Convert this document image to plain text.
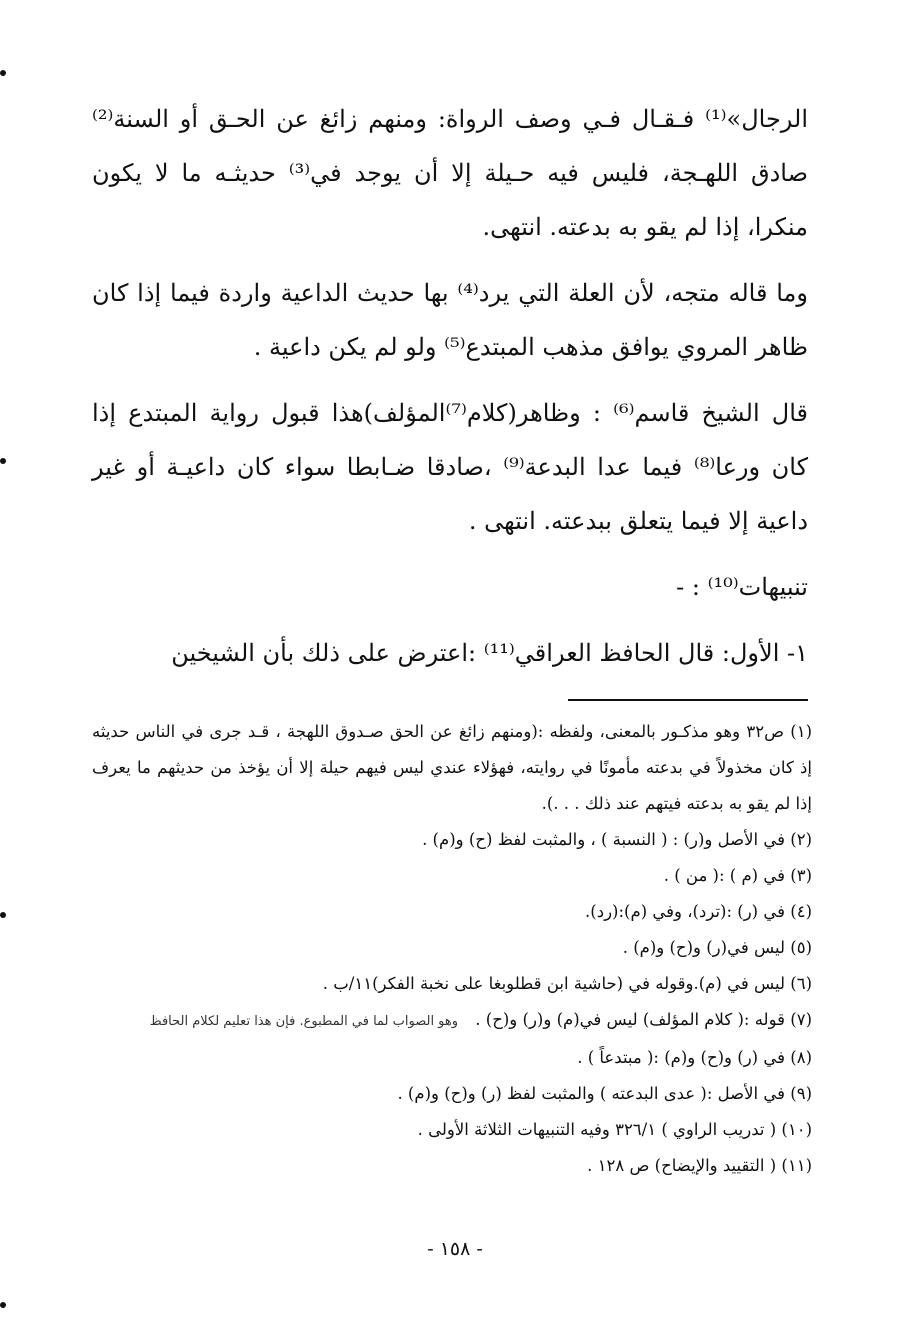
الرجال»⁽¹⁾ فـقـال فـي وصف الرواة: ومنهم زائغ عن الحـق أو السنة⁽²⁾ صادق اللهـجة، فليس فيه حـيلة إلا أن يوجد في⁽³⁾ حديثـه ما لا يكون منكرا، إذا لم يقو به بدعته. انتهى.

وما قاله متجه، لأن العلة التي يرد⁽⁴⁾ بها حديث الداعية واردة فيما إذا كان ظاهر المروي يوافق مذهب المبتدع⁽⁵⁾ ولو لم يكن داعية .

قال الشيخ قاسم⁽⁶⁾ : وظاهر(كلام⁽⁷⁾المؤلف)هذا قبول رواية المبتدع إذا كان ورعا⁽⁸⁾ فيما عدا البدعة⁽⁹⁾ ،صادقا ضـابطا سواء كان داعيـة أو غير داعية إلا فيما يتعلق ببدعته. انتهى .

تنبيهات⁽¹⁰⁾ : -

١- الأول: قال الحافظ العراقي⁽¹¹⁾ :اعترض على ذلك بأن الشيخين

(١) ص٣٢ وهو مذكـور بالمعنى، ولفظه :(ومنهم زائغ عن الحق صـدوق اللهجة ، قـد جرى في الناس حديثه إذ كان مخذولاً في بدعته مأمونًا في روايته، فهؤلاء عندي ليس فيهم حيلة إلا أن يؤخذ من حديثهم ما يعرف إذا لم يقو به بدعته فيتهم عند ذلك . . .).

(٢) في الأصل و(ر) : ( النسبة ) ، والمثبت لفظ (ح) و(م) .

(٣) في (م ) :( من ) .

(٤) في (ر) :(ترد)، وفي (م):(رد).

(٥) ليس في(ر) و(ح) و(م) .

(٦) ليس في (م).وقوله في (حاشية ابن قطلوبغا على نخبة الفكر)١١/ب .

(٧) قوله :( كلام المؤلف) ليس في(م) و(ر) و(ح) . وهو الصواب لما في المطبوع. فإن هذا تعليم لكلام الحافظ

(٨) في (ر) و(ح) و(م) :( مبتدعاً ) .

(٩) في الأصل :( عدى البدعته ) والمثبت لفظ (ر) و(ح) و(م) .

(١٠) ( تدريب الراوي ) ٣٢٦/١ وفيه التنبيهات الثلاثة الأولى .

(١١) ( التقييد والإيضاح) ص ١٢٨ .

- ١٥٨ -
